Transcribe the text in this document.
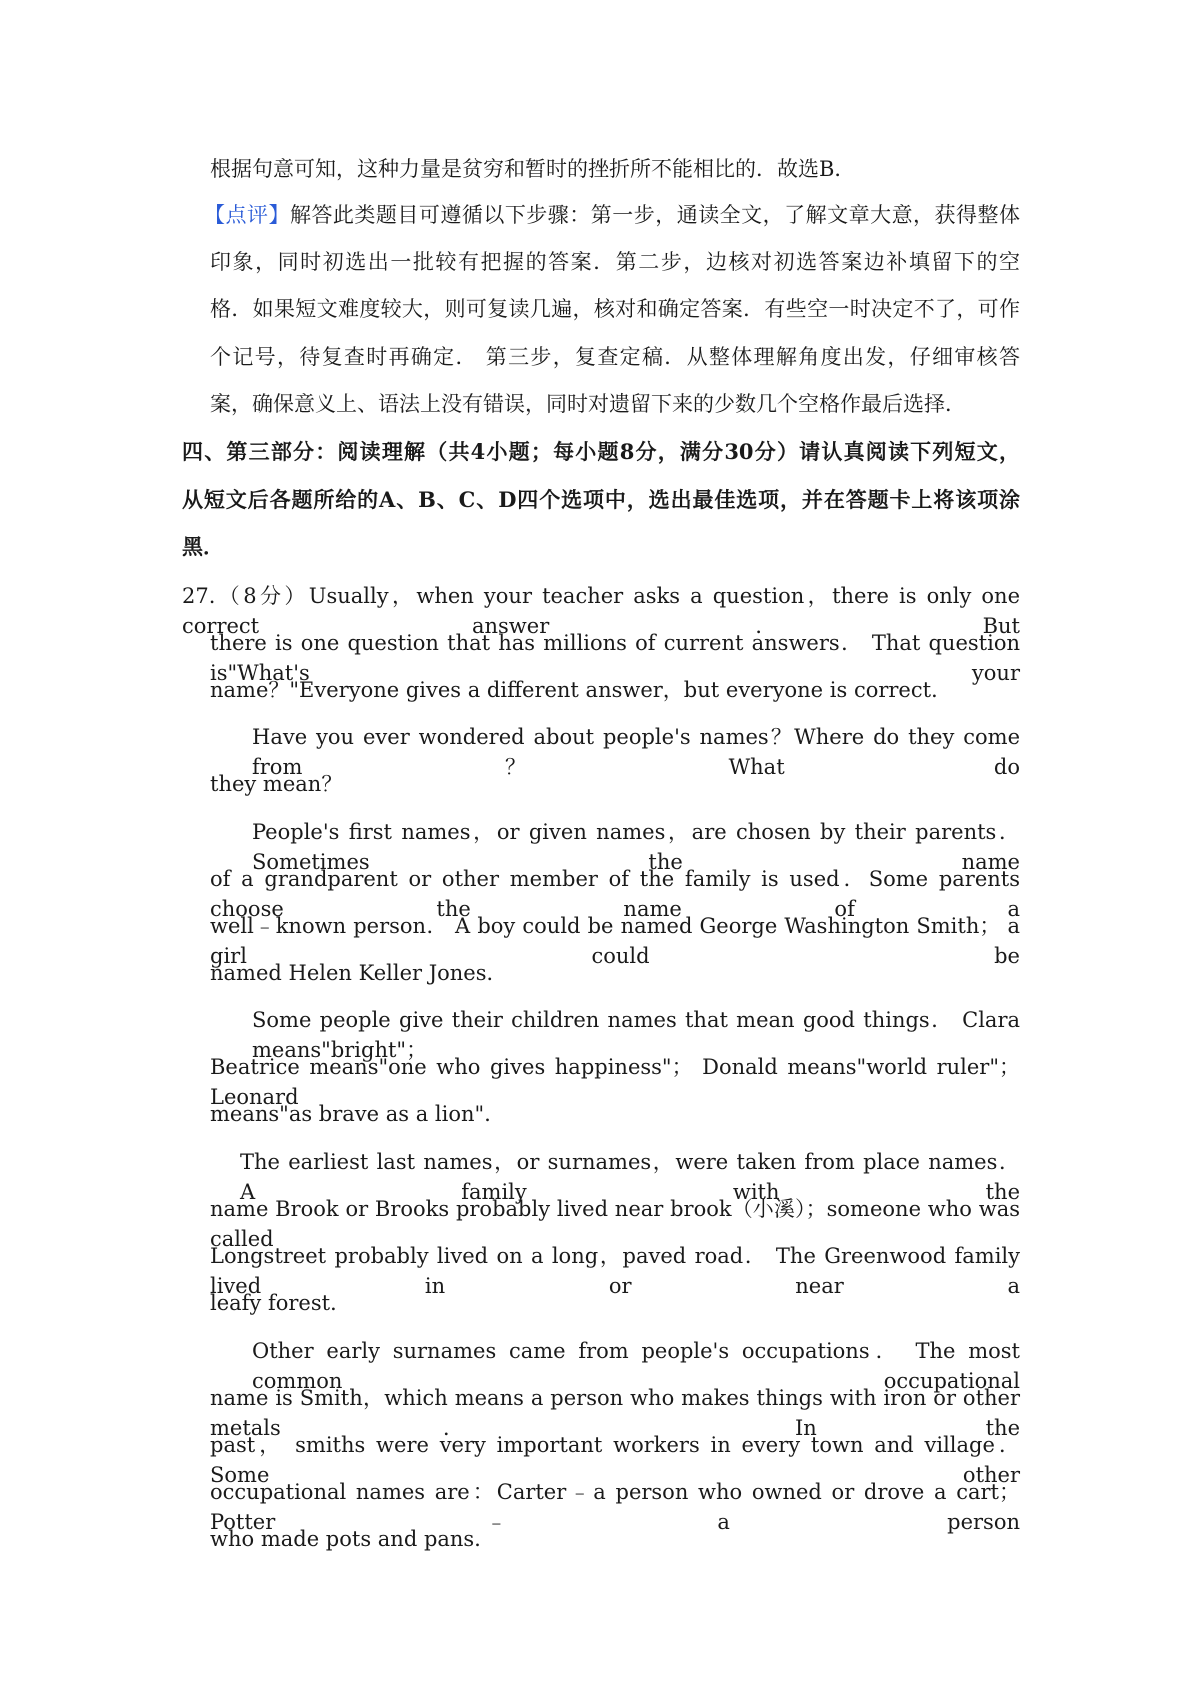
根据句意可知，这种力量是贫穷和暂时的挫折所不能相比的．故选B．
【点评】解答此类题目可遵循以下步骤：第一步，通读全文，了解文章大意，获得整体
印象，同时初选出一批较有把握的答案．第二步，边核对初选答案边补填留下的空
格．如果短文难度较大，则可复读几遍，核对和确定答案．有些空一时决定不了，可作
个记号，待复查时再确定． 第三步，复查定稿．从整体理解角度出发，仔细审核答
案，确保意义上、语法上没有错误，同时对遗留下来的少数几个空格作最后选择．
四、第三部分：阅读理解（共4小题；每小题8分，满分30分）请认真阅读下列短文，
从短文后各题所给的A、B、C、D四个选项中，选出最佳选项，并在答题卡上将该项涂
黑．
27.（8分）Usually，when your teacher asks a question，there is only one correct answer．But
there is one question that has millions of current answers． That question is"What's your
name？"Everyone gives a different answer，but everyone is correct．
Have you ever wondered about people's names？Where do they come from？What do
they mean？
People's first names，or given names，are chosen by their parents．Sometimes the name
of a grandparent or other member of the family is used．Some parents choose the name of a
well﹣known person． A boy could be named George Washington Smith； a girl could be
named Helen Keller Jones．
Some people give their children names that mean good things． Clara means"bright"；
Beatrice means"one who gives happiness"； Donald means"world ruler"； Leonard
means"as brave as a lion"．
The earliest last names，or surnames，were taken from place names． A family with the
name Brook or Brooks probably lived near brook（小溪）；someone who was called
Longstreet probably lived on a long，paved road． The Greenwood family lived in or near a
leafy forest．
Other early surnames came from people's occupations． The most common occupational
name is Smith，which means a person who makes things with iron or other metals． In the
past， smiths were very important workers in every town and village． Some other
occupational names are：Carter﹣a person who owned or drove a cart； Potter﹣a person
who made pots and pans．
